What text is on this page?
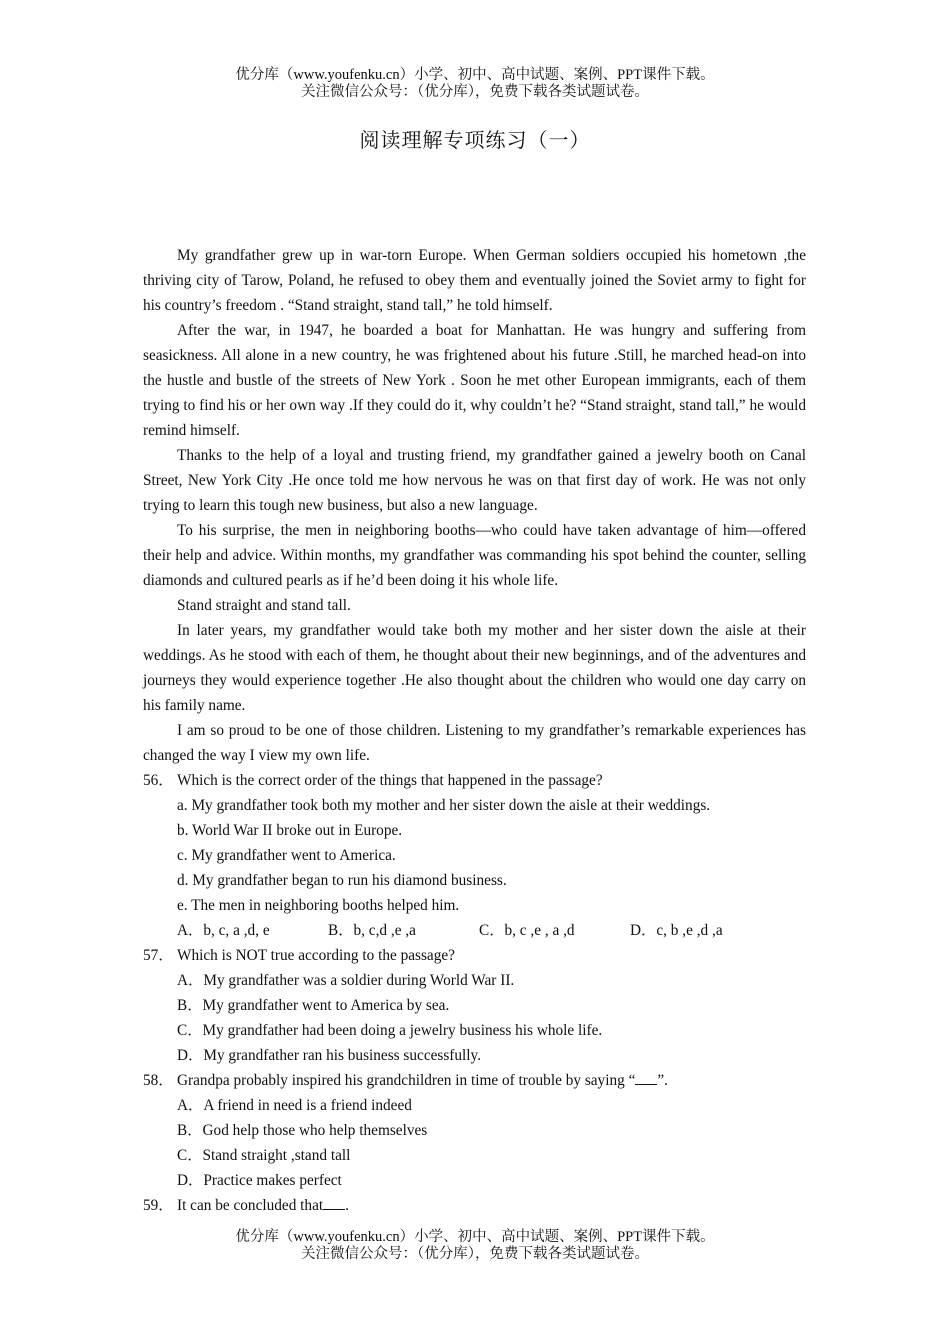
优分库（www.youfenku.cn）小学、初中、高中试题、案例、PPT课件下载。
关注微信公众号：（优分库），免费下载各类试题试卷。
阅读理解专项练习（一）

My grandfather grew up in war-torn Europe. When German soldiers occupied his hometown ,the thriving city of Tarow, Poland, he refused to obey them and eventually joined the Soviet army to fight for his country’s freedom . “Stand straight, stand tall,” he told himself.

After the war, in 1947, he boarded a boat for Manhattan. He was hungry and suffering from seasickness. All alone in a new country, he was frightened about his future .Still, he marched head-on into the hustle and bustle of the streets of New York . Soon he met other European immigrants, each of them trying to find his or her own way .If they could do it, why couldn’t he? “Stand straight, stand tall,” he would remind himself.

Thanks to the help of a loyal and trusting friend, my grandfather gained a jewelry booth on Canal Street, New York City .He once told me how nervous he was on that first day of work. He was not only trying to learn this tough new business, but also a new language.

To his surprise, the men in neighboring booths—who could have taken advantage of him—offered their help and advice. Within months, my grandfather was commanding his spot behind the counter, selling diamonds and cultured pearls as if he’d been doing it his whole life.

Stand straight and stand tall.

In later years, my grandfather would take both my mother and her sister down the aisle at their weddings. As he stood with each of them, he thought about their new beginnings, and of the adventures and journeys they would experience together .He also thought about the children who would one day carry on his family name.

I am so proud to be one of those children. Listening to my grandfather’s remarkable experiences has changed the way I view my own life.

56． Which is the correct order of the things that happened in the passage?

a. My grandfather took both my mother and her sister down the aisle at their weddings.

b. World War II broke out in Europe.

c. My grandfather went to America.

d. My grandfather began to run his diamond business.

e. The men in neighboring booths helped him.

A．b, c, a ,d, e	B．b, c,d ,e ,a	C．b, c ,e , a ,d	D．c, b ,e ,d ,a

57． Which is NOT true according to the passage?

A．My grandfather was a soldier during World War II.

B．My grandfather went to America by sea.

C．My grandfather had been doing a jewelry business his whole life.

D．My grandfather ran his business successfully.

58． Grandpa probably inspired his grandchildren in time of trouble by saying “ ”.

A．A friend in need is a friend indeed

B．God help those who help themselves

C．Stand straight ,stand tall

D．Practice makes perfect

59． It can be concluded that .

优分库（www.youfenku.cn）小学、初中、高中试题、案例、PPT课件下载。
关注微信公众号：（优分库），免费下载各类试题试卷。
